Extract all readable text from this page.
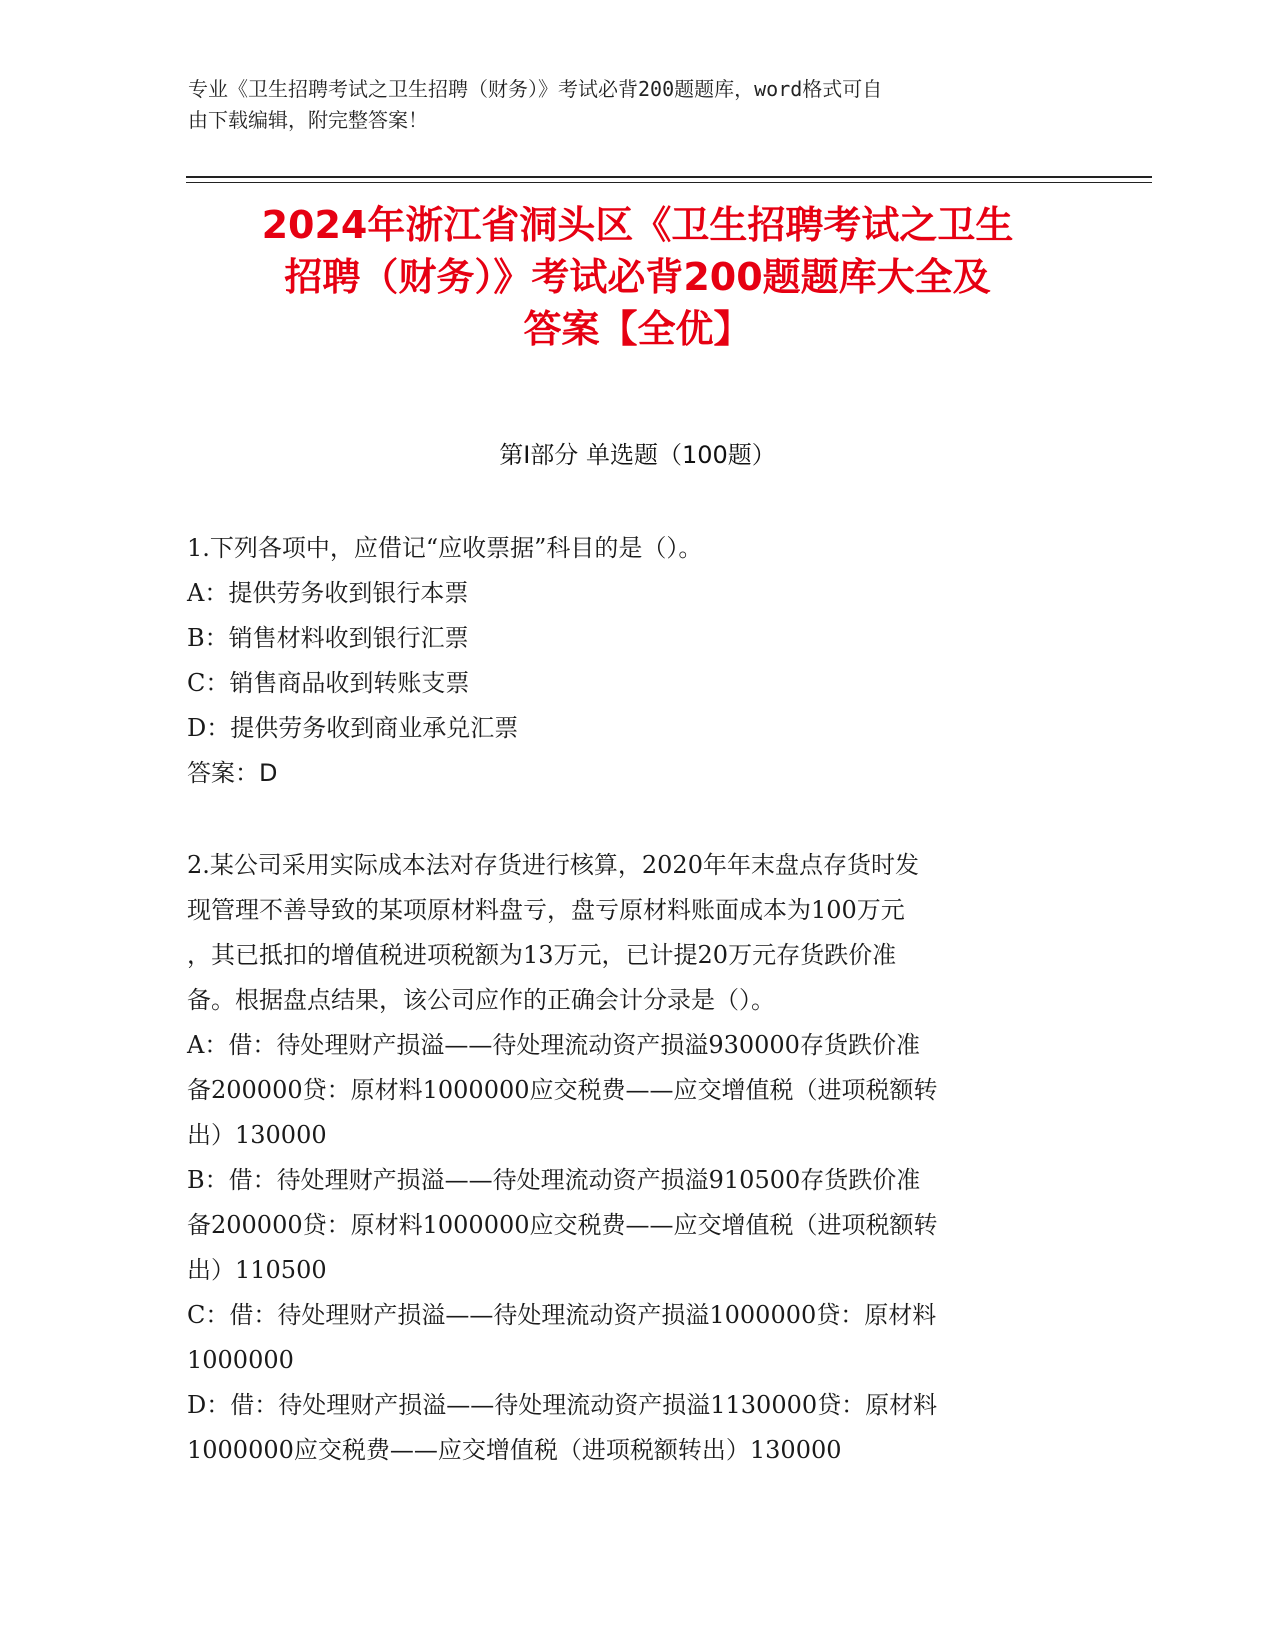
专业《卫生招聘考试之卫生招聘（财务）》考试必背200题题库，word格式可自
由下载编辑，附完整答案！
2024年浙江省洞头区《卫生招聘考试之卫生
招聘（财务）》考试必背200题题库大全及
答案【全优】
第I部分 单选题（100题）
1.下列各项中，应借记“应收票据”科目的是（）。
A：提供劳务收到银行本票
B：销售材料收到银行汇票
C：销售商品收到转账支票
D：提供劳务收到商业承兑汇票
答案：D
2.某公司采用实际成本法对存货进行核算，2020年年末盘点存货时发
现管理不善导致的某项原材料盘亏，盘亏原材料账面成本为100万元
，其已抵扣的增值税进项税额为13万元，已计提20万元存货跌价准
备。根据盘点结果，该公司应作的正确会计分录是（）。
A：借：待处理财产损溢——待处理流动资产损溢930000存货跌价准
备200000贷：原材料1000000应交税费——应交增值税（进项税额转
出）130000
B：借：待处理财产损溢——待处理流动资产损溢910500存货跌价准
备200000贷：原材料1000000应交税费——应交增值税（进项税额转
出）110500
C：借：待处理财产损溢——待处理流动资产损溢1000000贷：原材料
1000000
D：借：待处理财产损溢——待处理流动资产损溢1130000贷：原材料
1000000应交税费——应交增值税（进项税额转出）130000
